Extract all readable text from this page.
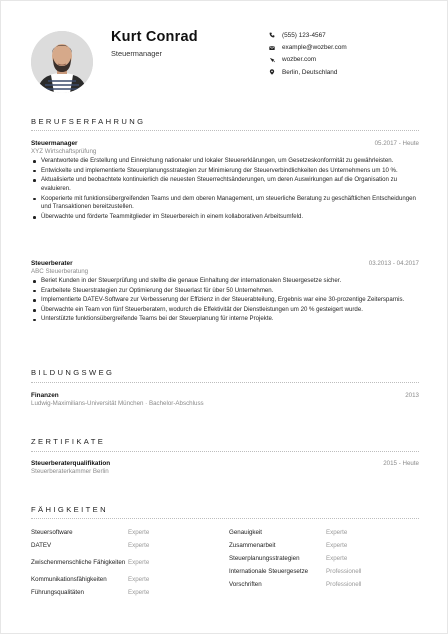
Kurt Conrad
Steuermanager
(555) 123-4567
example@wozber.com
wozber.com
Berlin, Deutschland
BERUFSERFAHRUNG
Steuermanager	05.2017 - Heute
XYZ Wirtschaftsprüfung
Verantwortete die Erstellung und Einreichung nationaler und lokaler Steuererklärungen, um Gesetzeskonformität zu gewährleisten.
Entwickelte und implementierte Steuerplanungsstrategien zur Minimierung der Steuerverbindlichkeiten des Unternehmens um 10 %.
Aktualisierte und beobachtete kontinuierlich die neuesten Steuerrechtsänderungen, um deren Auswirkungen auf die Organisation zu evaluieren.
Kooperierte mit funktionsübergreifenden Teams und dem oberen Management, um steuerliche Beratung zu geschäftlichen Entscheidungen und Transaktionen bereitzustellen.
Überwachte und förderte Teammitglieder im Steuerbereich in einem kollaborativen Arbeitsumfeld.
Steuerberater	03.2013 - 04.2017
ABC Steuerberatung
Beriet Kunden in der Steuerprüfung und stellte die genaue Einhaltung der internationalen Steuergesetze sicher.
Erarbeitete Steuerstrategien zur Optimierung der Steuerlast für über 50 Unternehmen.
Implementierte DATEV-Software zur Verbesserung der Effizienz in der Steuerabteilung, Ergebnis war eine 30-prozentige Zeitersparnis.
Überwachte ein Team von fünf Steuerberatern, wodurch die Effektivität der Dienstleistungen um 20 % gesteigert wurde.
Unterstützte funktionsübergreifende Teams bei der Steuerplanung für interne Projekte.
BILDUNGSWEG
Finanzen	2013
Ludwig-Maximilians-Universität München · Bachelor-Abschluss
ZERTIFIKATE
Steuerberaterqualifikation	2015 - Heute
Steuerberaterkammer Berlin
FÄHIGKEITEN
Steuersoftware	Experte
DATEV	Experte
Zwischenmenschliche Fähigkeiten Experte
Kommunikationsfähigkeiten	Experte
Führungsqualitäten	Experte
Genauigkeit	Experte
Zusammenarbeit	Experte
Steuerplanungsstrategien	Experte
Internationale Steuergesetze	Professionell
Vorschriften	Professionell
